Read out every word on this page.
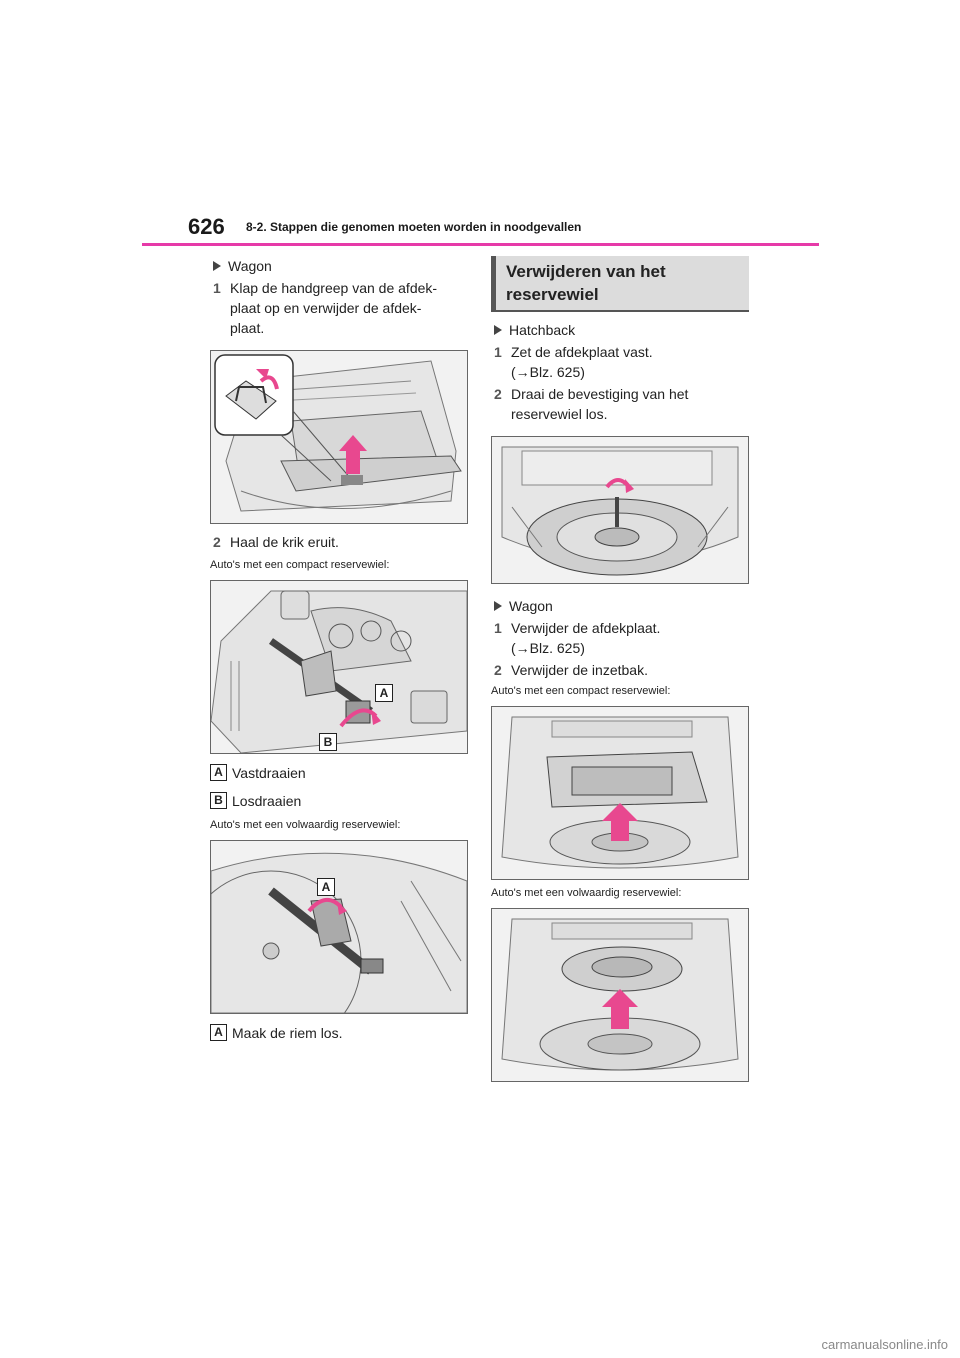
626 8-2. Stappen die genomen moeten worden in noodgevallen
Wagon
1 Klap de handgreep van de afdek-
plaat op en verwijder de afdek-
plaat.
2 Haal de krik eruit.
Auto's met een compact reservewiel:
A
B
A Vastdraaien
B Losdraaien
Auto's met een volwaardig reservewiel:
A
A Maak de riem los.
Verwijderen van het
reservewiel
Hatchback
1 Zet de afdekplaat vast.
(→Blz. 625)
2 Draai de bevestiging van het
reservewiel los.
Wagon
1 Verwijder de afdekplaat.
(→Blz. 625)
2 Verwijder de inzetbak.
Auto's met een compact reservewiel:
Auto's met een volwaardig reservewiel:
carmanualsonline.info
